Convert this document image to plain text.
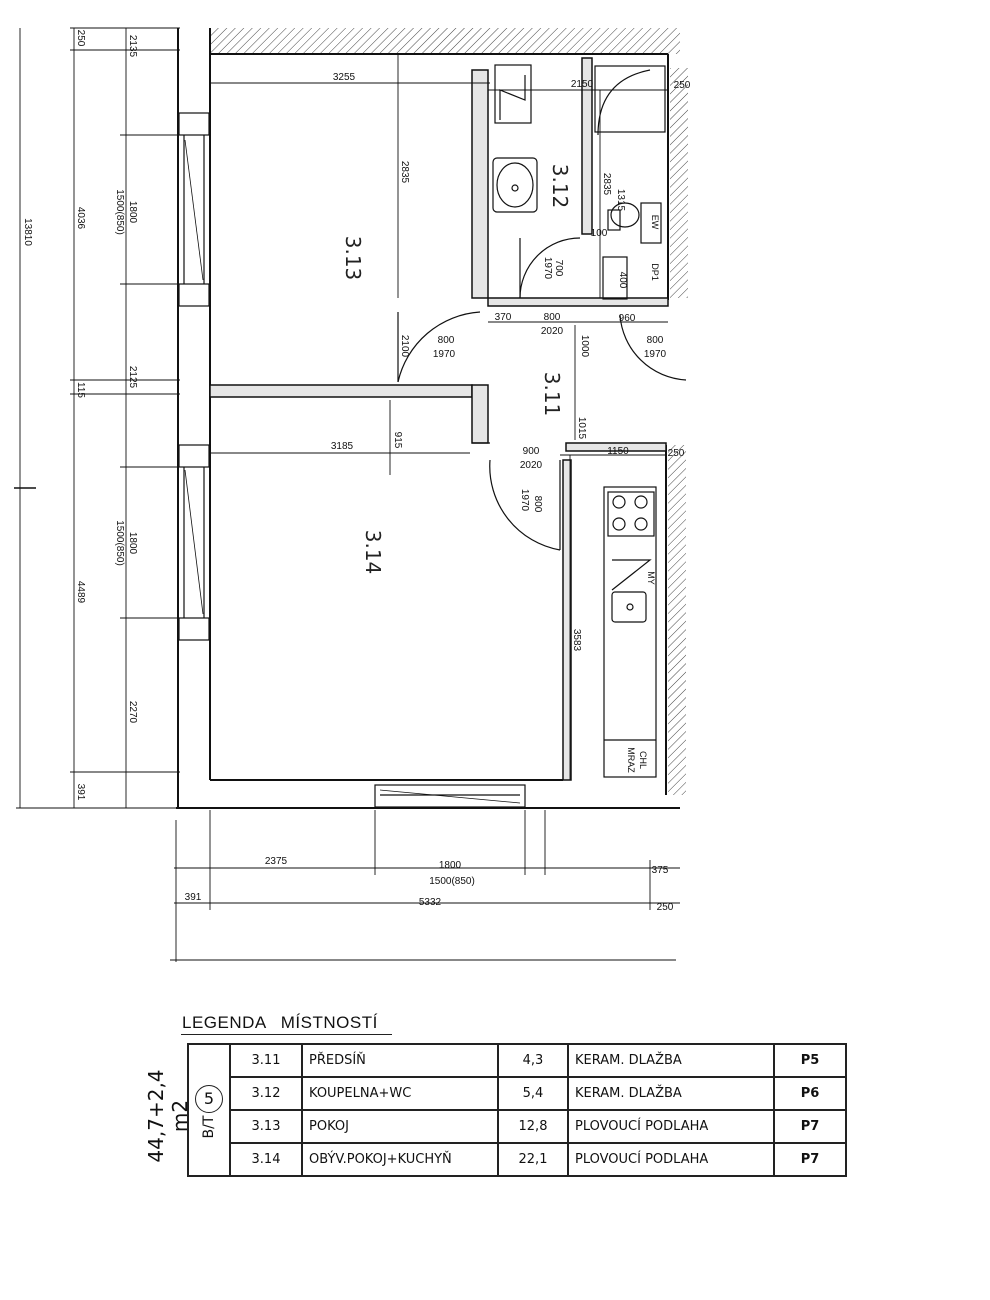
3.13
3.12
3.11
3.14
13810
250
4036
115
4489
391
2135
2125
1800
1500(850)
1800
1500(850)
2270
2375	1800
1500(850)
375
391	5332	250
3255
2835
2150
2835
1315
370	800
2020
700
1970
400
250
100
800
1970
2100	1000
960
800
1970
1015
1150	250
3185	915
900
2020
800
1970
3583
EW
DP1
MY
CHL
MRAZ
LEGENDA MÍSTNOSTÍ
44,7+2,4 m2
5
B/T	3.11	PŘEDSÍŇ	4,3	KERAM. DLAŽBA	P5
	3.12	KOUPELNA+WC	5,4	KERAM. DLAŽBA	P6
	3.13	POKOJ	12,8	PLOVOUCÍ PODLAHA	P7
	3.14	OBÝV.POKOJ+KUCHYŇ	22,1	PLOVOUCÍ PODLAHA	P7
